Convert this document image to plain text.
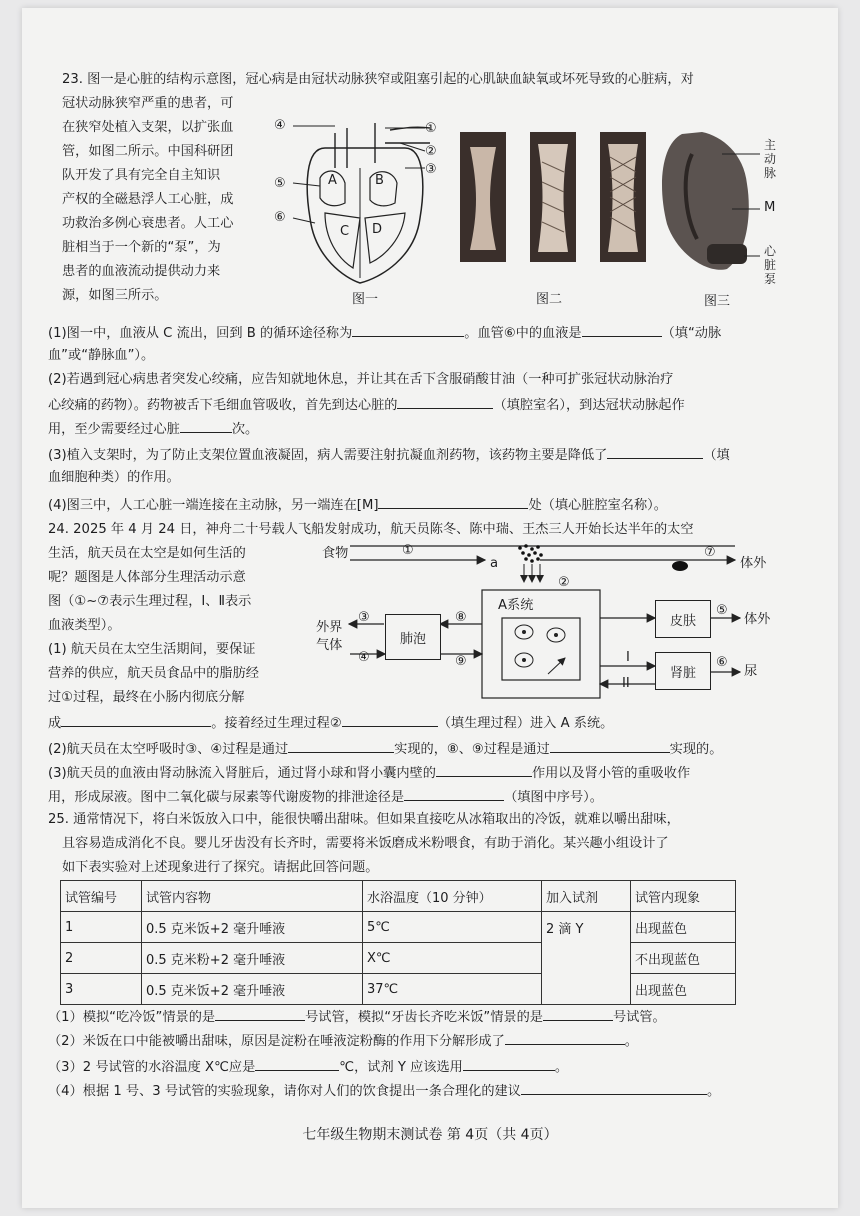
23. 图一是心脏的结构示意图，冠心病是由冠状动脉狭窄或阻塞引起的心肌缺血缺氧或坏死导致的心脏病，对
冠状动脉狭窄严重的患者，可
在狭窄处植入支架，以扩张血
管，如图二所示。中国科研团
队开发了具有完全自主知识
产权的全磁悬浮人工心脏，成
功救治多例心衰患者。人工心
脏相当于一个新的“泵”，为
患者的血液流动提供动力来
源，如图三所示。
①
②
③
④
⑤
⑥
A	B
C D
图一	图二
主动脉
M
心脏泵
图三
(1)图一中，血液从 C 流出，回到 B 的循环途径称为	。血管⑥中的血液是	（填“动脉
血”或“静脉血”）。
(2)若遇到冠心病患者突发心绞痛，应告知就地休息，并让其在舌下含服硝酸甘油（一种可扩张冠状动脉治疗
心绞痛的药物）。药物被舌下毛细血管吸收，首先到达心脏的	（填腔室名），到达冠状动脉起作
用，至少需要经过心脏	次。
(3)植入支架时，为了防止支架位置血液凝固，病人需要注射抗凝血剂药物，该药物主要是降低了	（填
血细胞种类）的作用。
(4)图三中，人工心脏一端连接在主动脉，另一端连在[M]	处（填心脏腔室名称）。
24. 2025 年 4 月 24 日，神舟二十号载人飞船发射成功，航天员陈冬、陈中瑞、王杰三人开始长达半年的太空
生活，航天员在太空是如何生活的
呢？题图是人体部分生理活动示意
图（①~⑦表示生理过程，Ⅰ、Ⅱ表示
血液类型）。
(1) 航天员在太空生活期间，要保证
营养的供应，航天员食品中的脂肪经
过①过程，最终在小肠内彻底分解
成	。接着经过生理过程②	（填生理过程）进入 A 系统。
肺泡
皮肤
肾脏
食物	①
a
②
⑦
体外
A系统
外界
气体
③
④
⑧
⑨
⑤
体外
⑥
尿
I
II
(2)航天员在太空呼吸时③、④过程是通过	实现的，⑧、⑨过程是通过	实现的。
(3)航天员的血液由肾动脉流入肾脏后，通过肾小球和肾小囊内壁的	作用以及肾小管的重吸收作
用，形成尿液。图中二氧化碳与尿素等代谢废物的排泄途径是	（填图中序号）。
25. 通常情况下，将白米饭放入口中，能很快嚼出甜味。但如果直接吃从冰箱取出的冷饭，就难以嚼出甜味，
且容易造成消化不良。婴儿牙齿没有长齐时，需要将米饭磨成米粉喂食，有助于消化。某兴趣小组设计了
如下表实验对上述现象进行了探究。请据此回答问题。
试管编号	试管内容物	水浴温度（10 分钟）	加入试剂	试管内现象
1	0.5 克米饭+2 毫升唾液	5℃	2 滴 Y	出现蓝色
2	0.5 克米粉+2 毫升唾液	X℃		不出现蓝色
3	0.5 克米饭+2 毫升唾液	37℃		出现蓝色
（1）模拟“吃冷饭”情景的是	号试管，模拟“牙齿长齐吃米饭”情景的是	号试管。
（2）米饭在口中能被嚼出甜味，原因是淀粉在唾液淀粉酶的作用下分解形成了	。
（3）2 号试管的水浴温度 X℃应是	℃，试剂 Y 应该选用	。
（4）根据 1 号、3 号试管的实验现象，请你对人们的饮食提出一条合理化的建议	。
七年级生物期末测试卷 第 4页（共 4页）
